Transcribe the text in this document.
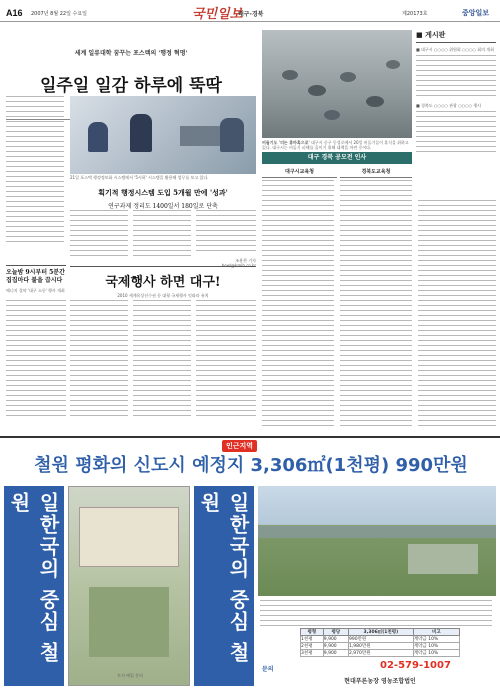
A16 2007년 8월 22일 수요일	국민일보
대구·경북	제20173호	중앙일보
세계 일류대학 꿈꾸는 포스텍의 '행정 혁명'
일주일 일감 하루에 뚝딱
21일 포스텍 행정정보화 시스템에서 '5시하' 시스템을 활용해 업무를 보고 있다.
획기적 행정시스템 도입 5개월 만에 '성과'
연구과제 정리도 1400일서 180일로 단축
조용찬 기자 bowl@kmib.co.kr
비둘기도 '더는 휴마혹으로' 대구시 중구 동성로에서 20일 비둘기들이 휴식을 취하고 있다. 대구시는 비둘기 피해를 줄이기 위해 대책을 마련 중이다.
■ 게시판
■ 대구시 ○○○○ 위원회 ○○○○ 회의 개최
■ 경북도 ○○○○ 관광 ○○○○ 행사
대구 경북 공모전 인사
대구시교육청	경북도교육청
오늘밤 9시부터 5분간 집집마다 불을 끕시다
에너지 절약 '대구 소등' 행사 개최
국제행사 하면 대구!
2010 세계육상선수권 등 대형 국제행사 잇따라 유치
인근지역
철원 평화의 신도시 예정지 3,306㎡(1천평) 990만원
일한국의 중심 철원	일한국의 중심 철원
토지 매입 문의
평형	평당	3,306㎡(1천평)	비고
1천평	9,900	990만원	계약금 10%
2천평	9,900	1,980만원	계약금 10%
3천평	9,900	2,970만원	계약금 10%
문의	02-579-1007
현대푸른농장 영농조합법인
